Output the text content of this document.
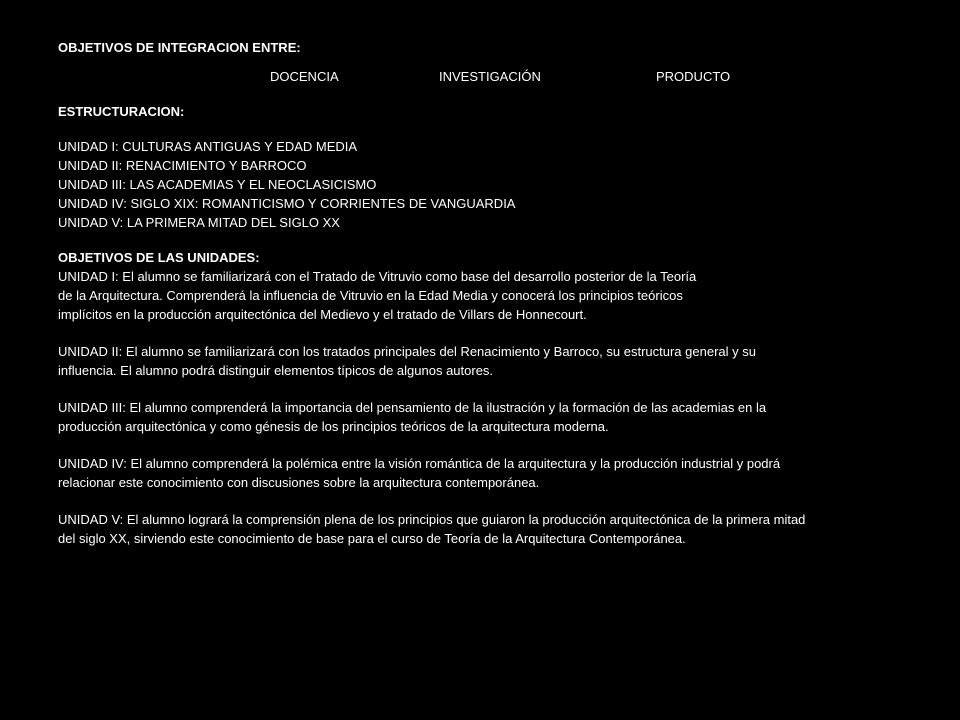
OBJETIVOS DE INTEGRACION ENTRE:
DOCENCIA	INVESTIGACIÓN	PRODUCTO
ESTRUCTURACION:
UNIDAD I: CULTURAS ANTIGUAS Y EDAD MEDIA
UNIDAD II: RENACIMIENTO Y BARROCO
UNIDAD III: LAS ACADEMIAS Y EL NEOCLASICISMO
UNIDAD IV: SIGLO XIX: ROMANTICISMO Y CORRIENTES DE VANGUARDIA
UNIDAD V: LA PRIMERA MITAD DEL SIGLO XX
OBJETIVOS DE LAS UNIDADES:
UNIDAD I: El alumno se familiarizará con el Tratado de Vitruvio como base del desarrollo posterior de la Teoría
de la Arquitectura. Comprenderá la influencia de Vitruvio en la Edad Media y conocerá los principios teóricos
implícitos en la producción arquitectónica del Medievo y el tratado de Villars de Honnecourt.
UNIDAD II: El alumno se familiarizará con los tratados principales del Renacimiento y Barroco, su estructura general y su
influencia. El alumno podrá distinguir elementos típicos de algunos autores.
UNIDAD III: El alumno comprenderá la importancia del pensamiento de la ilustración y la formación de las academias en la
producción arquitectónica y como génesis de los principios teóricos de la arquitectura moderna.
UNIDAD IV: El alumno comprenderá la polémica entre la visión romántica de la arquitectura y la producción industrial y podrá
relacionar este conocimiento con discusiones sobre la arquitectura contemporánea.
UNIDAD V: El alumno logrará la comprensión plena de los principios que guiaron la producción arquitectónica de la primera mitad
del siglo XX, sirviendo este conocimiento de base para el curso de Teoría de la Arquitectura Contemporánea.
